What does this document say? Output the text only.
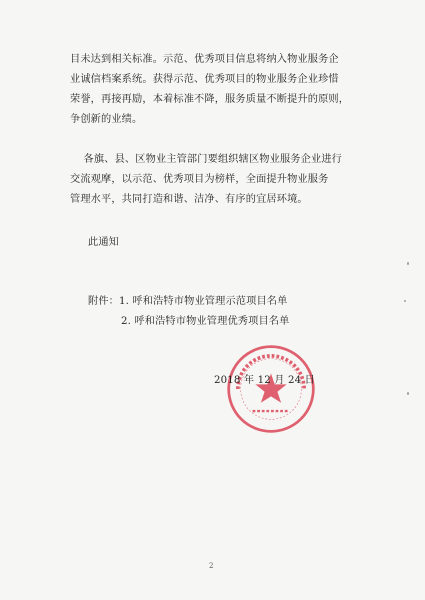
目未达到相关标准。示范、优秀项目信息将纳入物业服务企
业诚信档案系统。获得示范、优秀项目的物业服务企业珍惜
荣誉，再接再励，本着标准不降，服务质量不断提升的原则，
争创新的业绩。
各旗、县、区物业主管部门要组织辖区物业服务企业进行
交流观摩，以示范、优秀项目为榜样，全面提升物业服务
管理水平，共同打造和谐、洁净、有序的宜居环境。
此通知
附件：1. 呼和浩特市物业管理示范项目名单
2. 呼和浩特市物业管理优秀项目名单
2018 年 12 月 24 日
2
